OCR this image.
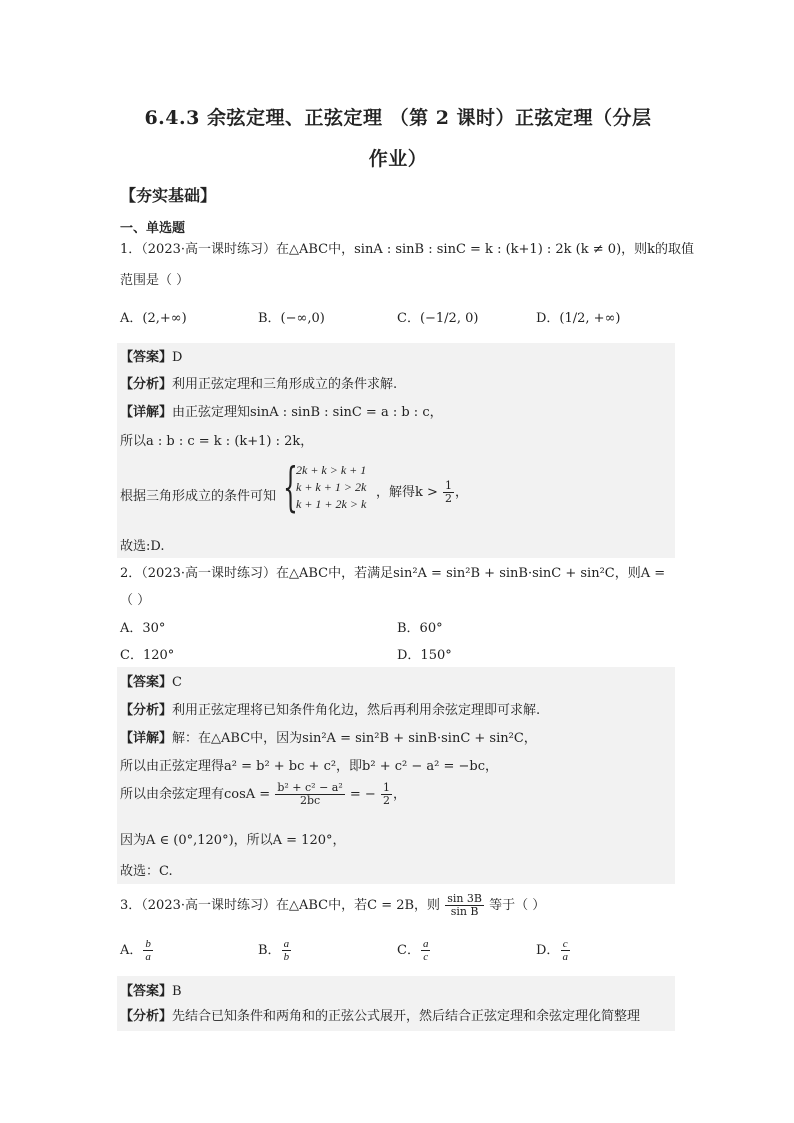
6.4.3 余弦定理、正弦定理 （第 2 课时）正弦定理（分层
作业）
【夯实基础】
一、单选题
1．（2023·高一课时练习）在△ABC中，sinA : sinB : sinC = k : (k+1) : 2k (k ≠ 0)，则k的取值
范围是（ ）
A．(2,+∞)	B．(−∞,0)	C．(−1/2, 0)	D．(1/2, +∞)
【答案】D
【分析】利用正弦定理和三角形成立的条件求解.
【详解】由正弦定理知sinA : sinB : sinC = a : b : c，
所以a : b : c = k : (k+1) : 2k，
根据三角形成立的条件可知 {
2k + k > k + 1
k + k + 1 > 2k
k + 1 + 2k > k
，解得$k > \frac{1}{2}$ ，
故选:D.
2．（2023·高一课时练习）在△ABC中，若满足sin²A = sin²B + sinB·sinC + sin²C，则A =
（ ）
A．30°	B．60°
C．120°	D．150°
【答案】C
【分析】利用正弦定理将已知条件角化边，然后再利用余弦定理即可求解.
【详解】解：在△ABC中，因为sin²A = sin²B + sinB·sinC + sin²C，
所以由正弦定理得a² = b² + bc + c²，即b² + c² − a² = −bc，
所以由余弦定理有$\cos A = \frac{\text{b² + c² − a²}}{2bc}$ = − $\frac{1}{2}$ ，
因为A ∈ (0°,120°)，所以A = 120°，
故选：C.
3．（2023·高一课时练习）在△ABC中，若C = 2B，则 $\frac{\sin 3B}{\text{sin B}}$ 等于（ ）
A． $\frac{b}{a}$	B． $\frac{a}{b}$	C． $\frac{a}{c}$	D． $\frac{c}{a}$
【答案】B
【分析】先结合已知条件和两角和的正弦公式展开，然后结合正弦定理和余弦定理化简整理
